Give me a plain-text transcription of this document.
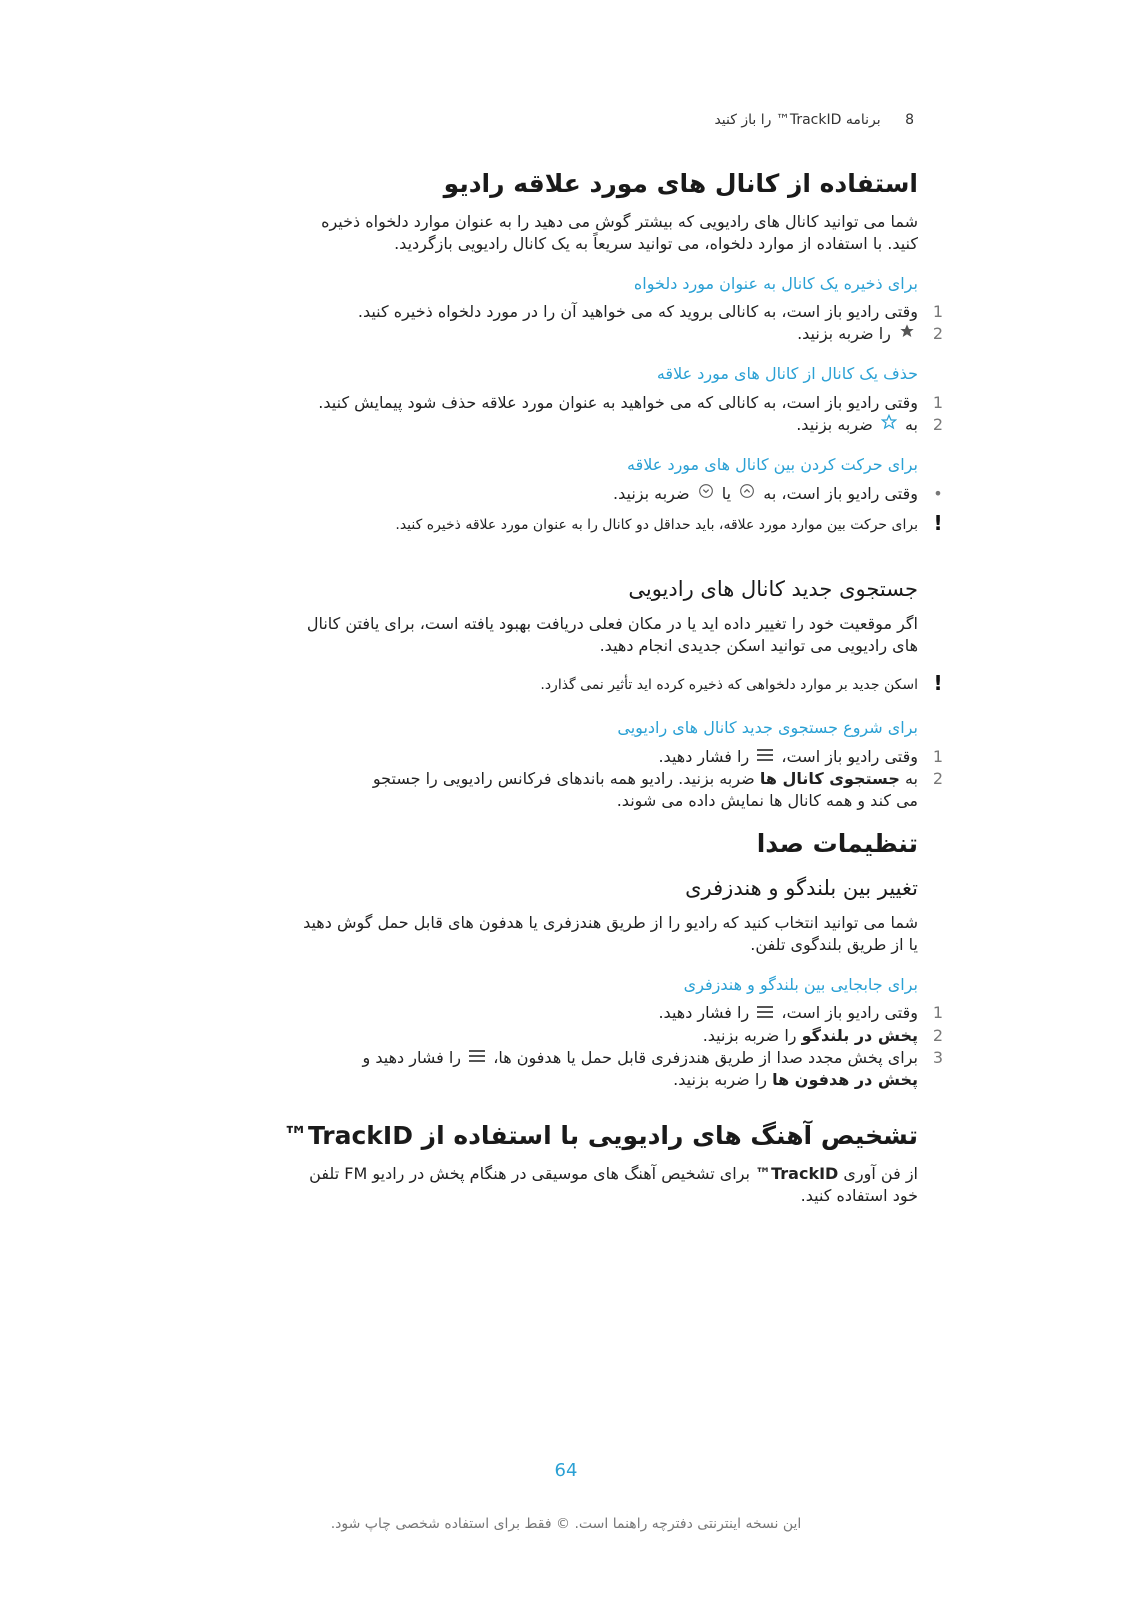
8 برنامه TrackID™ را باز کنید
استفاده از کانال های مورد علاقه رادیو

شما می توانید کانال های رادیویی که بیشتر گوش می دهید را به عنوان موارد دلخواه ذخیره

کنید. با استفاده از موارد دلخواه، می توانید سریعاً به یک کانال رادیویی بازگردید.

برای ذخیره یک کانال به عنوان مورد دلخواه
1
وقتی رادیو باز است، به کانالی بروید که می خواهید آن را در مورد دلخواه ذخیره کنید.
2
را ضربه بزنید.
حذف یک کانال از کانال های مورد علاقه
1
وقتی رادیو باز است، به کانالی که می خواهید به عنوان مورد علاقه حذف شود پیمایش کنید.
2
به  ضربه بزنید.
برای حرکت کردن بین کانال های مورد علاقه
•
وقتی رادیو باز است، به  یا  ضربه بزنید.
!
برای حرکت بین موارد مورد علاقه، باید حداقل دو کانال را به عنوان مورد علاقه ذخیره کنید.
جستجوی جدید کانال های رادیویی

اگر موقعیت خود را تغییر داده اید یا در مکان فعلی دریافت بهبود یافته است، برای یافتن کانال

های رادیویی می توانید اسکن جدیدی انجام دهید.

!
اسکن جدید بر موارد دلخواهی که ذخیره کرده اید تأثیر نمی گذارد.
برای شروع جستجوی جدید کانال های رادیویی
1
وقتی رادیو باز است،  را فشار دهید.
2
به جستجوی کانال ها ضربه بزنید. رادیو همه باندهای فرکانس رادیویی را جستجو
می کند و همه کانال ها نمایش داده می شوند.
تنظیمات صدا
تغییر بین بلندگو و هندزفری

شما می توانید انتخاب کنید که رادیو را از طریق هندزفری یا هدفون های قابل حمل گوش دهید

یا از طریق بلندگوی تلفن.

برای جابجایی بین بلندگو و هندزفری
1
وقتی رادیو باز است،  را فشار دهید.
2
پخش در بلندگو را ضربه بزنید.
3
برای پخش مجدد صدا از طریق هندزفری قابل حمل یا هدفون ها،  را فشار دهید و
پخش در هدفون ها را ضربه بزنید.
تشخیص آهنگ های رادیویی با استفاده از TrackID™

از فن آوری TrackID™ برای تشخیص آهنگ های موسیقی در هنگام پخش در رادیو FM تلفن

خود استفاده کنید.

64
این نسخه اینترنتی دفترچه راهنما است. © فقط برای استفاده شخصی چاپ شود.
